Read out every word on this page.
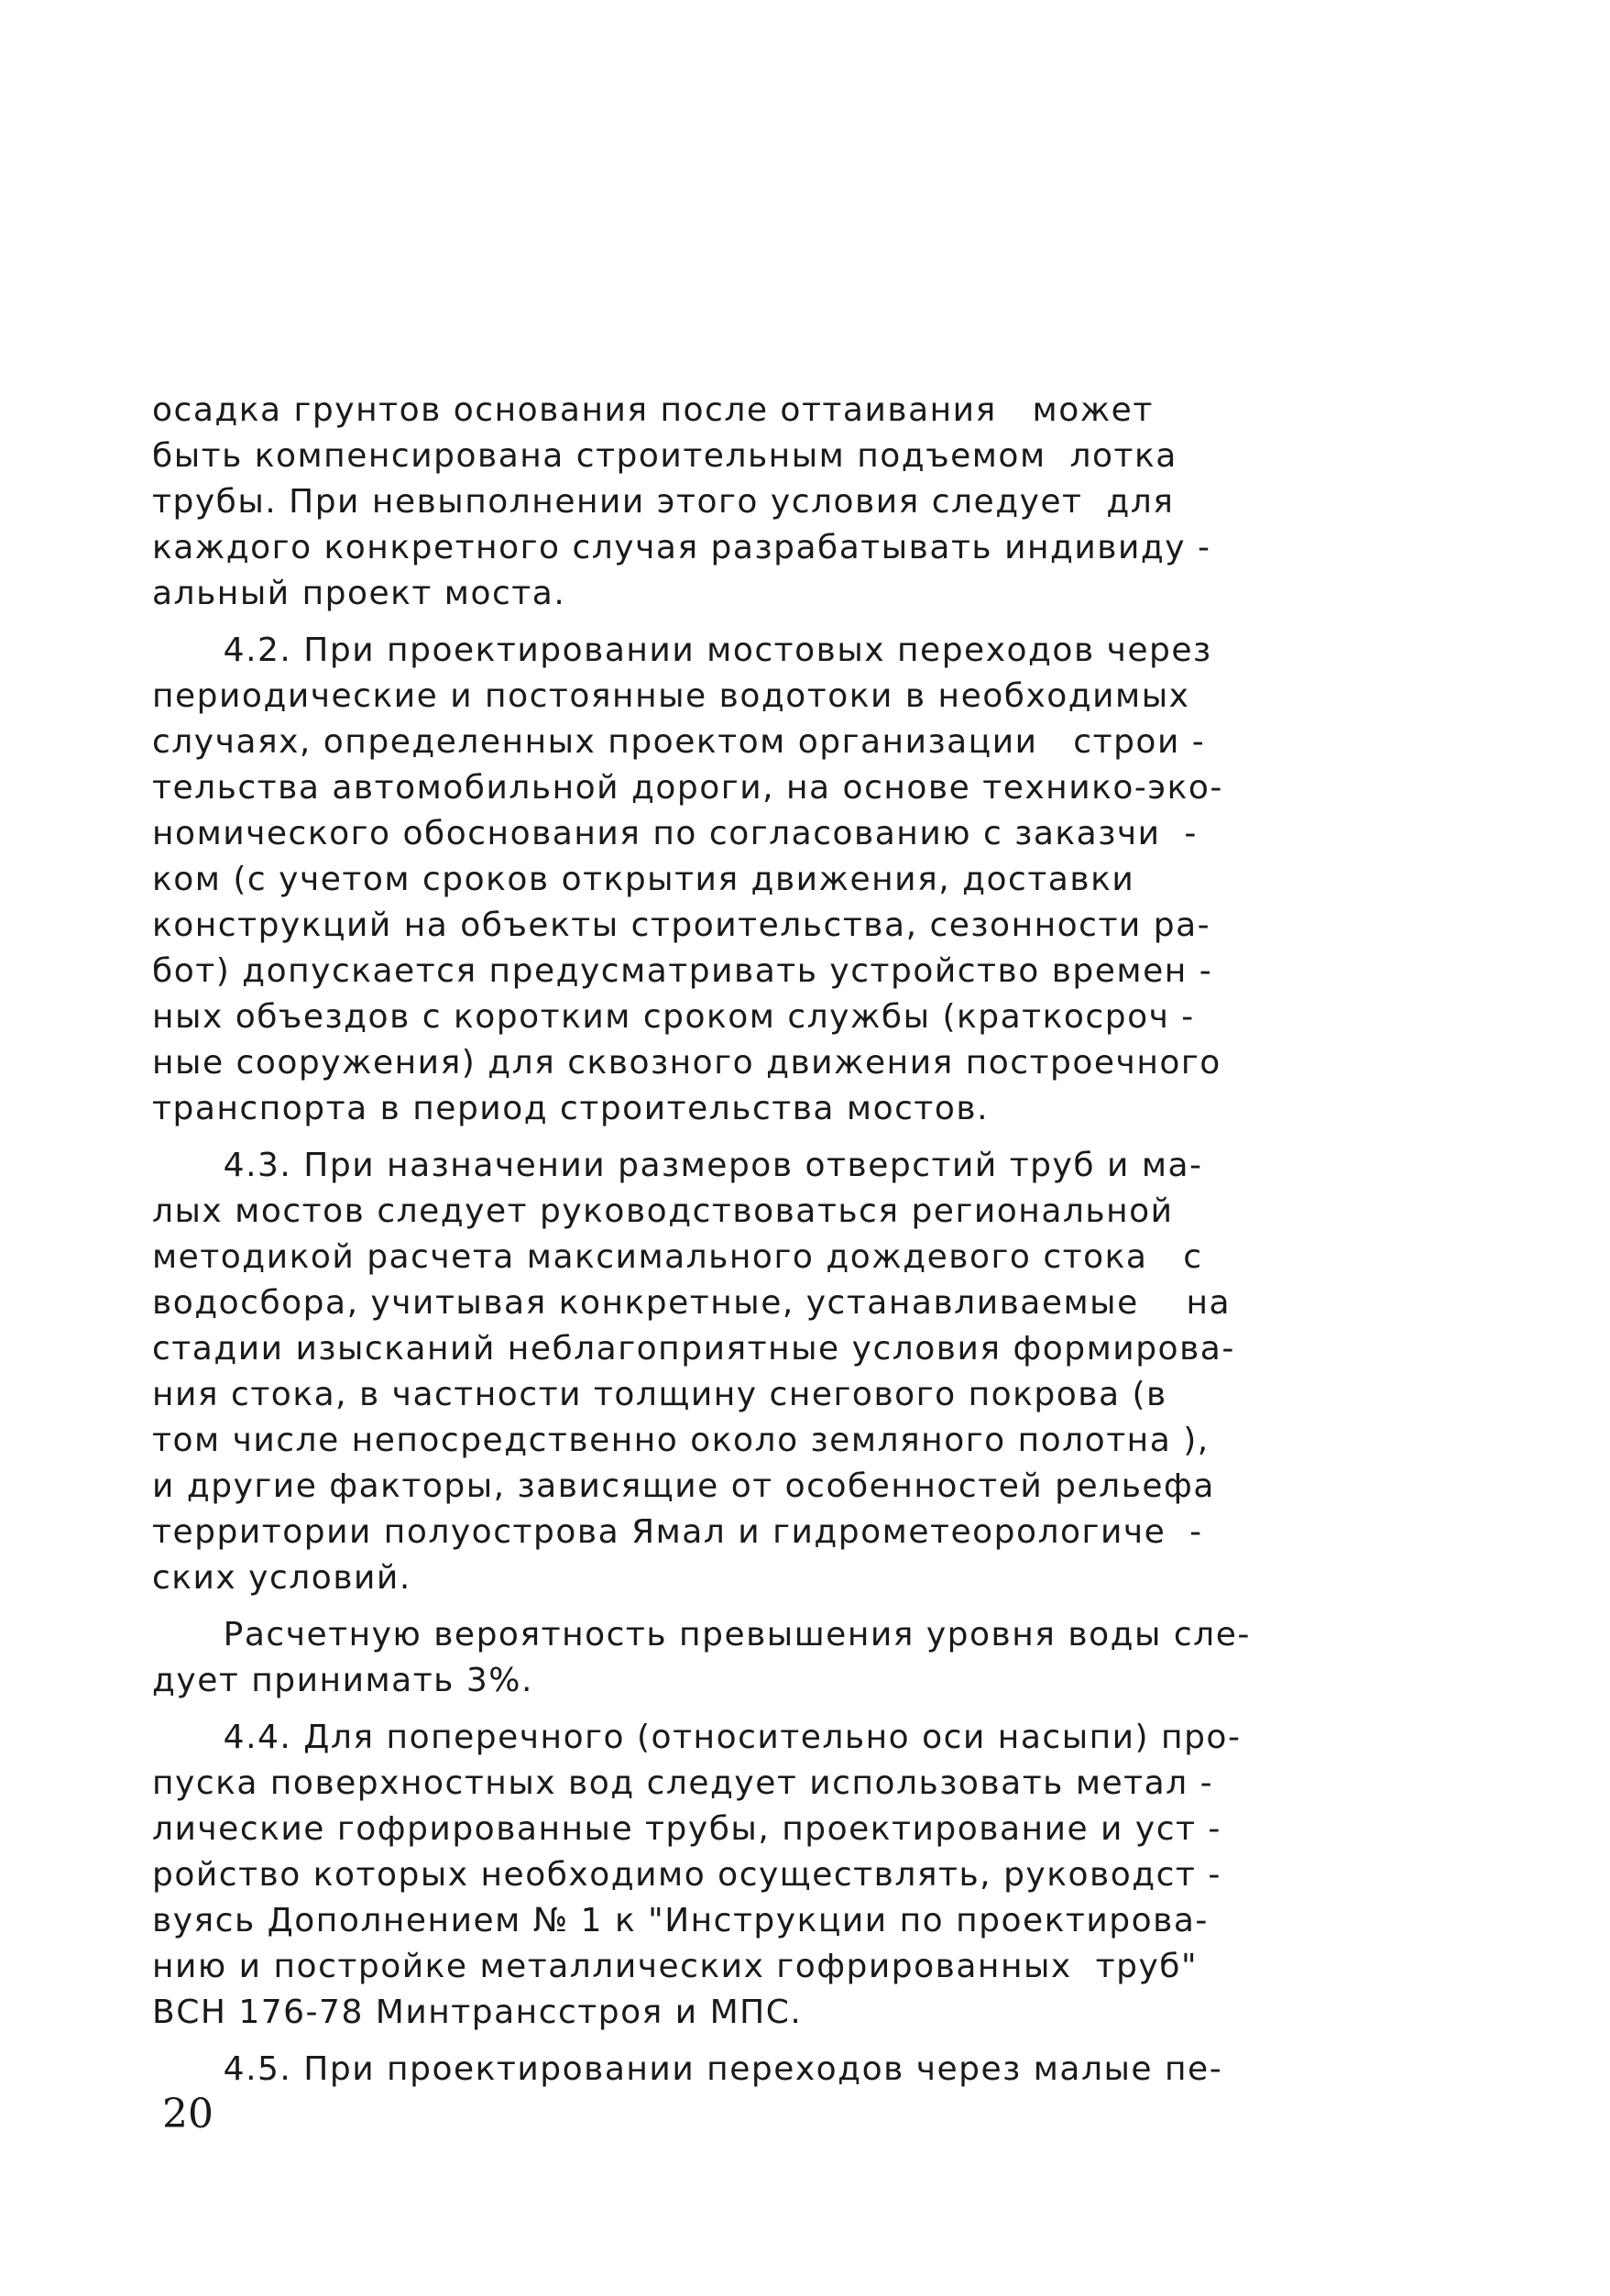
осадка грунтов основания после оттаивания   может
быть компенсирована строительным подъемом  лотка
трубы. При невыполнении этого условия следует  для
каждого конкретного случая разрабатывать индивиду -
альный проект моста.
4.2. При проектировании мостовых переходов через
периодические и постоянные водотоки в необходимых
случаях, определенных проектом организации   строи -
тельства автомобильной дороги, на основе технико-эко-
номического обоснования по согласованию с заказчи  -
ком (с учетом сроков открытия движения, доставки
конструкций на объекты строительства, сезонности ра-
бот) допускается предусматривать устройство времен -
ных объездов с коротким сроком службы (краткосроч -
ные сооружения) для сквозного движения построечного
транспорта в период строительства мостов.
4.3. При назначении размеров отверстий труб и ма-
лых мостов следует руководствоваться региональной
методикой расчета максимального дождевого стока   с
водосбора, учитывая конкретные, устанавливаемые    на
стадии изысканий неблагоприятные условия формирова-
ния стока, в частности толщину снегового покрова (в
том числе непосредственно около земляного полотна ),
и другие факторы, зависящие от особенностей рельефа
территории полуострова Ямал и гидрометеорологиче  -
ских условий.
Расчетную вероятность превышения уровня воды сле-
дует принимать 3%.
4.4. Для поперечного (относительно оси насыпи) про-
пуска поверхностных вод следует использовать метал -
лические гофрированные трубы, проектирование и уст -
ройство которых необходимо осуществлять, руководст -
вуясь Дополнением № 1 к "Инструкции по проектирова-
нию и постройке металлических гофрированных  труб"
ВСН 176-78 Минтрансстроя и МПС.
4.5. При проектировании переходов через малые пе-
20
